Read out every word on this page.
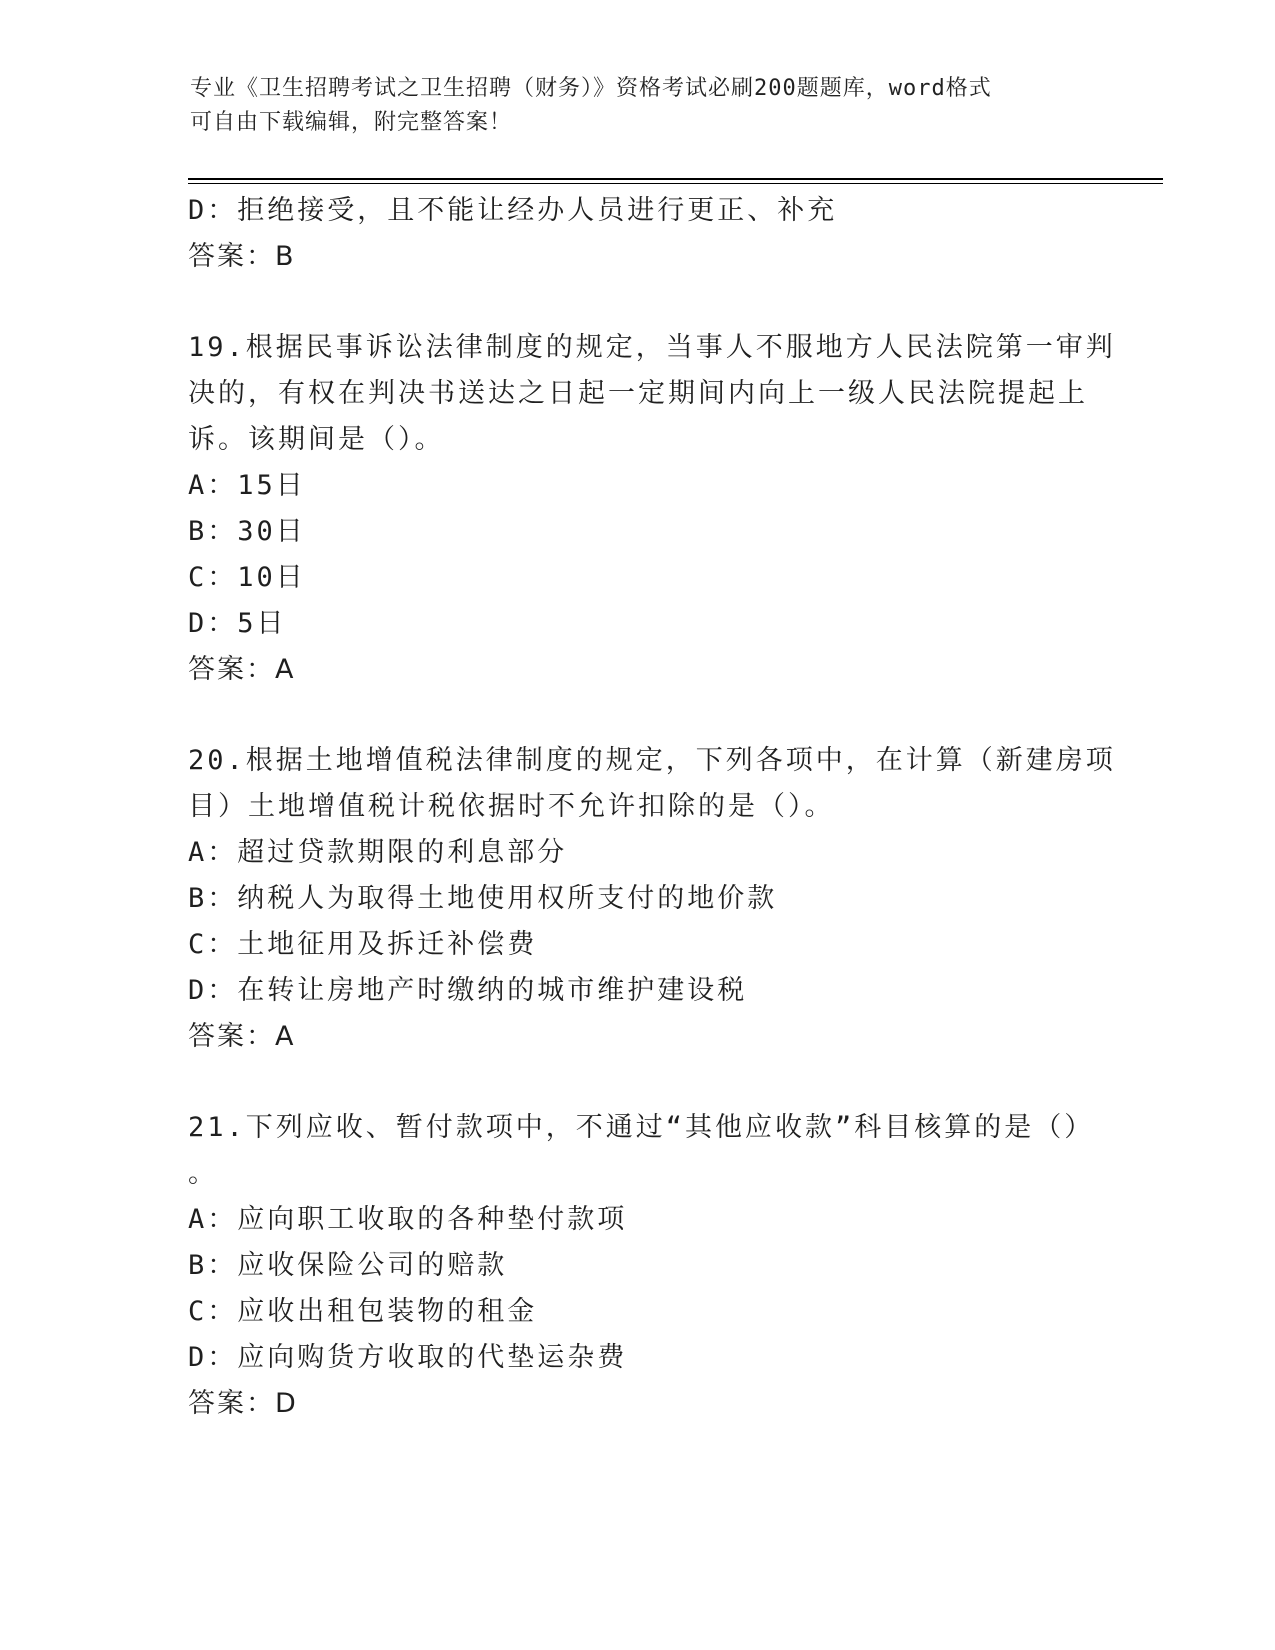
专业《卫生招聘考试之卫生招聘（财务）》资格考试必刷200题题库，word格式
可自由下载编辑，附完整答案！
D：拒绝接受，且不能让经办人员进行更正、补充
答案：B
19.根据民事诉讼法律制度的规定，当事人不服地方人民法院第一审判
决的，有权在判决书送达之日起一定期间内向上一级人民法院提起上
诉。该期间是（）。
A：15日
B：30日
C：10日
D：5日
答案：A
20.根据土地增值税法律制度的规定，下列各项中，在计算（新建房项
目）土地增值税计税依据时不允许扣除的是（）。
A：超过贷款期限的利息部分
B：纳税人为取得土地使用权所支付的地价款
C：土地征用及拆迁补偿费
D：在转让房地产时缴纳的城市维护建设税
答案：A
21.下列应收、暂付款项中，不通过“其他应收款”科目核算的是（）
。
A：应向职工收取的各种垫付款项
B：应收保险公司的赔款
C：应收出租包装物的租金
D：应向购货方收取的代垫运杂费
答案：D
